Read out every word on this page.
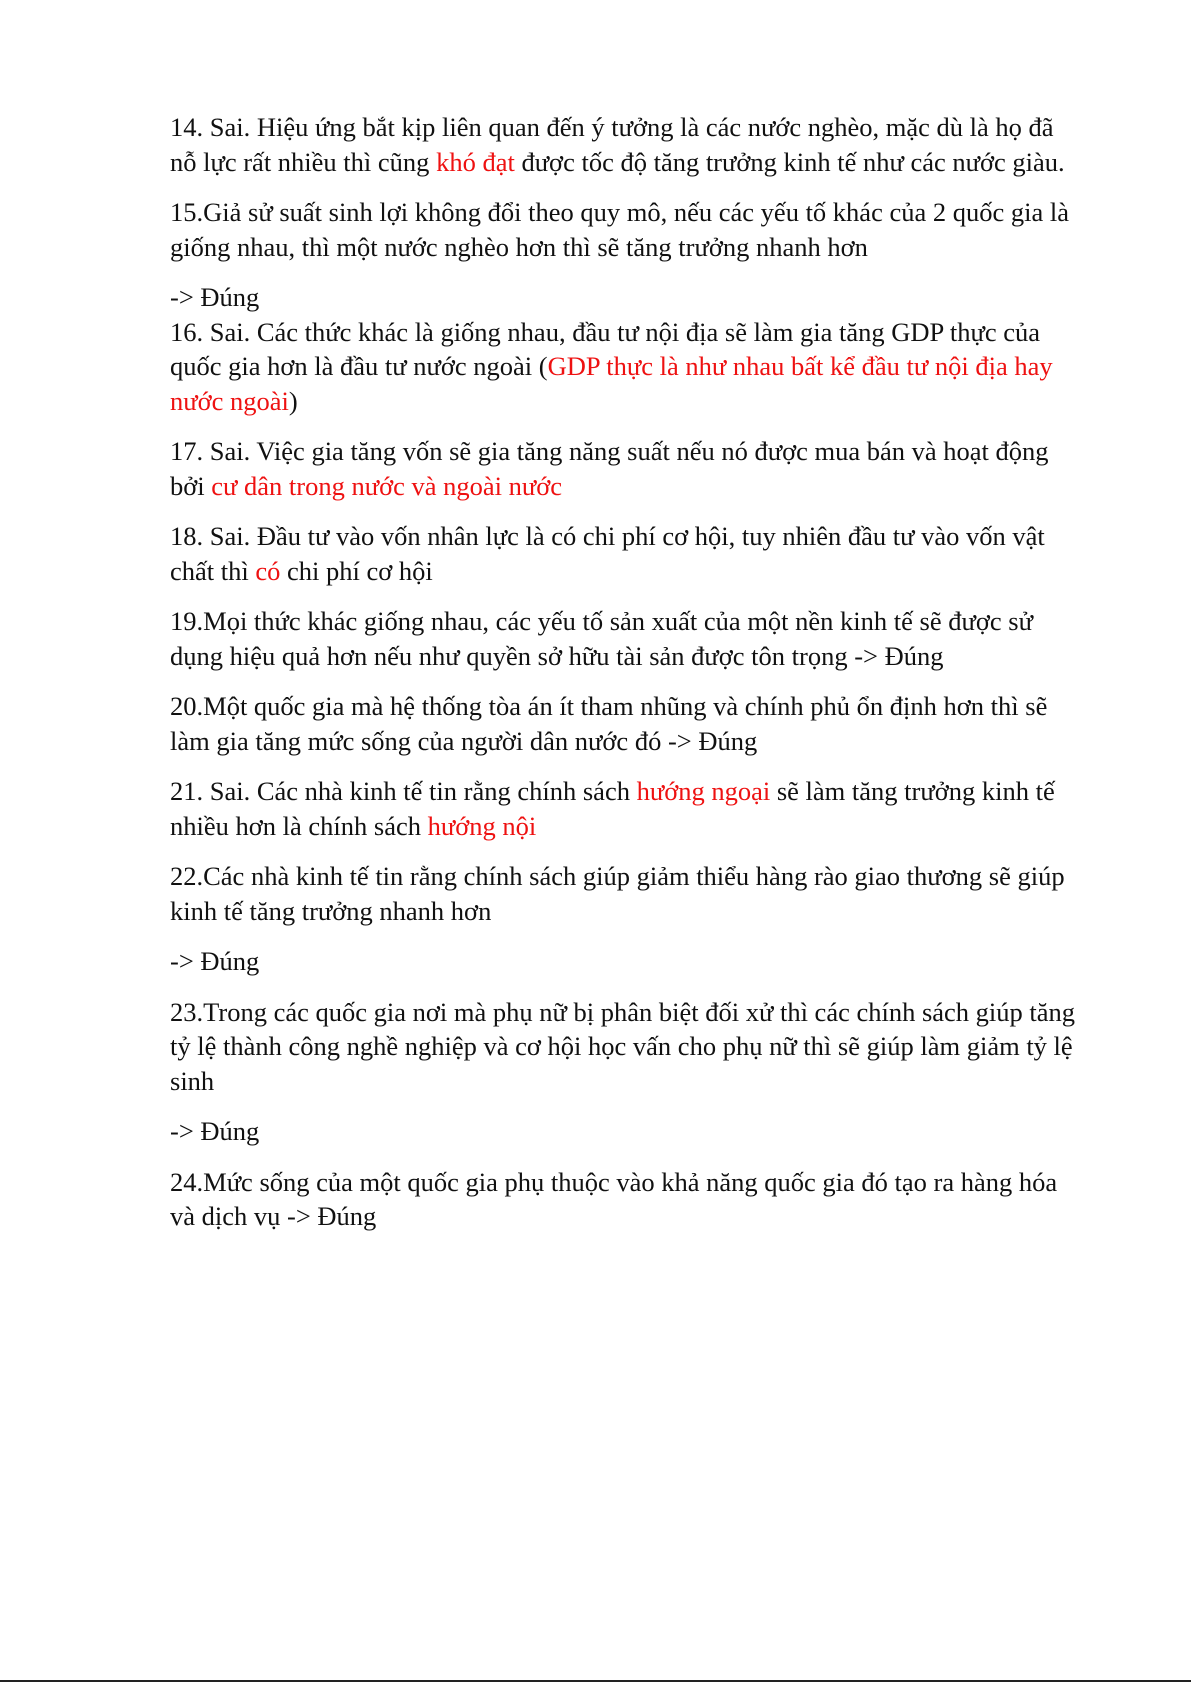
14. Sai. Hiệu ứng bắt kịp liên quan đến ý tưởng là các nước nghèo, mặc dù là họ đã nỗ lực rất nhiều thì cũng khó đạt được tốc độ tăng trưởng kinh tế như các nước giàu.

15.Giả sử suất sinh lợi không đổi theo quy mô, nếu các yếu tố khác của 2 quốc gia là giống nhau, thì một nước nghèo hơn thì sẽ tăng trưởng nhanh hơn

-> Đúng

16. Sai. Các thức khác là giống nhau, đầu tư nội địa sẽ làm gia tăng GDP thực của quốc gia hơn là đầu tư nước ngoài (GDP thực là như nhau bất kể đầu tư nội địa hay nước ngoài)

17. Sai. Việc gia tăng vốn sẽ gia tăng năng suất nếu nó được mua bán và hoạt động bởi cư dân trong nước và ngoài nước

18. Sai. Đầu tư vào vốn nhân lực là có chi phí cơ hội, tuy nhiên đầu tư vào vốn vật chất thì có chi phí cơ hội

19.Mọi thức khác giống nhau, các yếu tố sản xuất của một nền kinh tế sẽ được sử dụng hiệu quả hơn nếu như quyền sở hữu tài sản được tôn trọng -> Đúng

20.Một quốc gia mà hệ thống tòa án ít tham nhũng và chính phủ ổn định hơn thì sẽ làm gia tăng mức sống của người dân nước đó -> Đúng

21. Sai. Các nhà kinh tế tin rằng chính sách hướng ngoại sẽ làm tăng trưởng kinh tế nhiều hơn là chính sách hướng nội

22.Các nhà kinh tế tin rằng chính sách giúp giảm thiểu hàng rào giao thương sẽ giúp kinh tế tăng trưởng nhanh hơn

-> Đúng

23.Trong các quốc gia nơi mà phụ nữ bị phân biệt đối xử thì các chính sách giúp tăng tỷ lệ thành công nghề nghiệp và cơ hội học vấn cho phụ nữ thì sẽ giúp làm giảm tỷ lệ sinh

-> Đúng

24.Mức sống của một quốc gia phụ thuộc vào khả năng quốc gia đó tạo ra hàng hóa và dịch vụ -> Đúng
